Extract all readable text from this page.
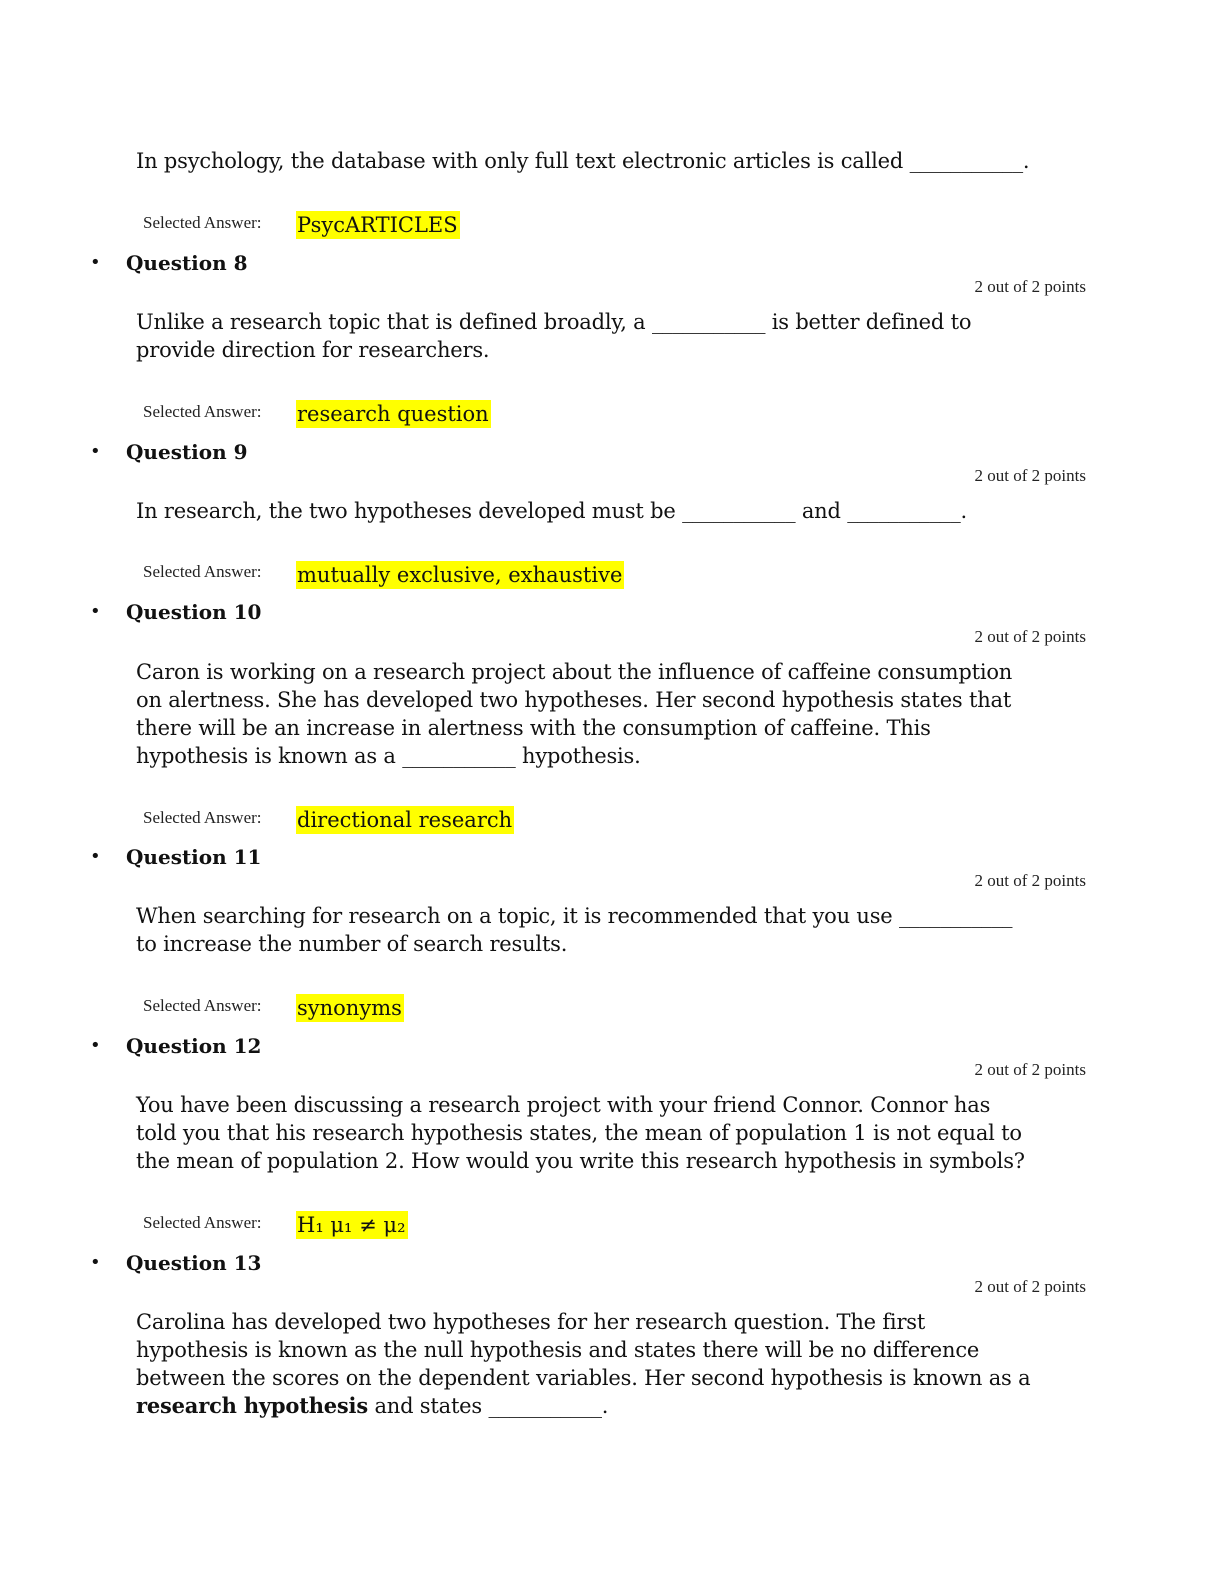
In psychology, the database with only full text electronic articles is called ___________.
Selected Answer: PsycARTICLES
• Question 8
2 out of 2 points
Unlike a research topic that is defined broadly, a ___________ is better defined to provide direction for researchers.
Selected Answer: research question
• Question 9
2 out of 2 points
In research, the two hypotheses developed must be ___________ and ___________.
Selected Answer: mutually exclusive, exhaustive
• Question 10
2 out of 2 points
Caron is working on a research project about the influence of caffeine consumption on alertness. She has developed two hypotheses. Her second hypothesis states that there will be an increase in alertness with the consumption of caffeine. This hypothesis is known as a ___________ hypothesis.
Selected Answer: directional research
• Question 11
2 out of 2 points
When searching for research on a topic, it is recommended that you use ___________ to increase the number of search results.
Selected Answer: synonyms
• Question 12
2 out of 2 points
You have been discussing a research project with your friend Connor. Connor has told you that his research hypothesis states, the mean of population 1 is not equal to the mean of population 2. How would you write this research hypothesis in symbols?
Selected Answer: H₁ μ₁ ≠ μ₂
• Question 13
2 out of 2 points
Carolina has developed two hypotheses for her research question. The first hypothesis is known as the null hypothesis and states there will be no difference between the scores on the dependent variables. Her second hypothesis is known as a research hypothesis and states ___________.
